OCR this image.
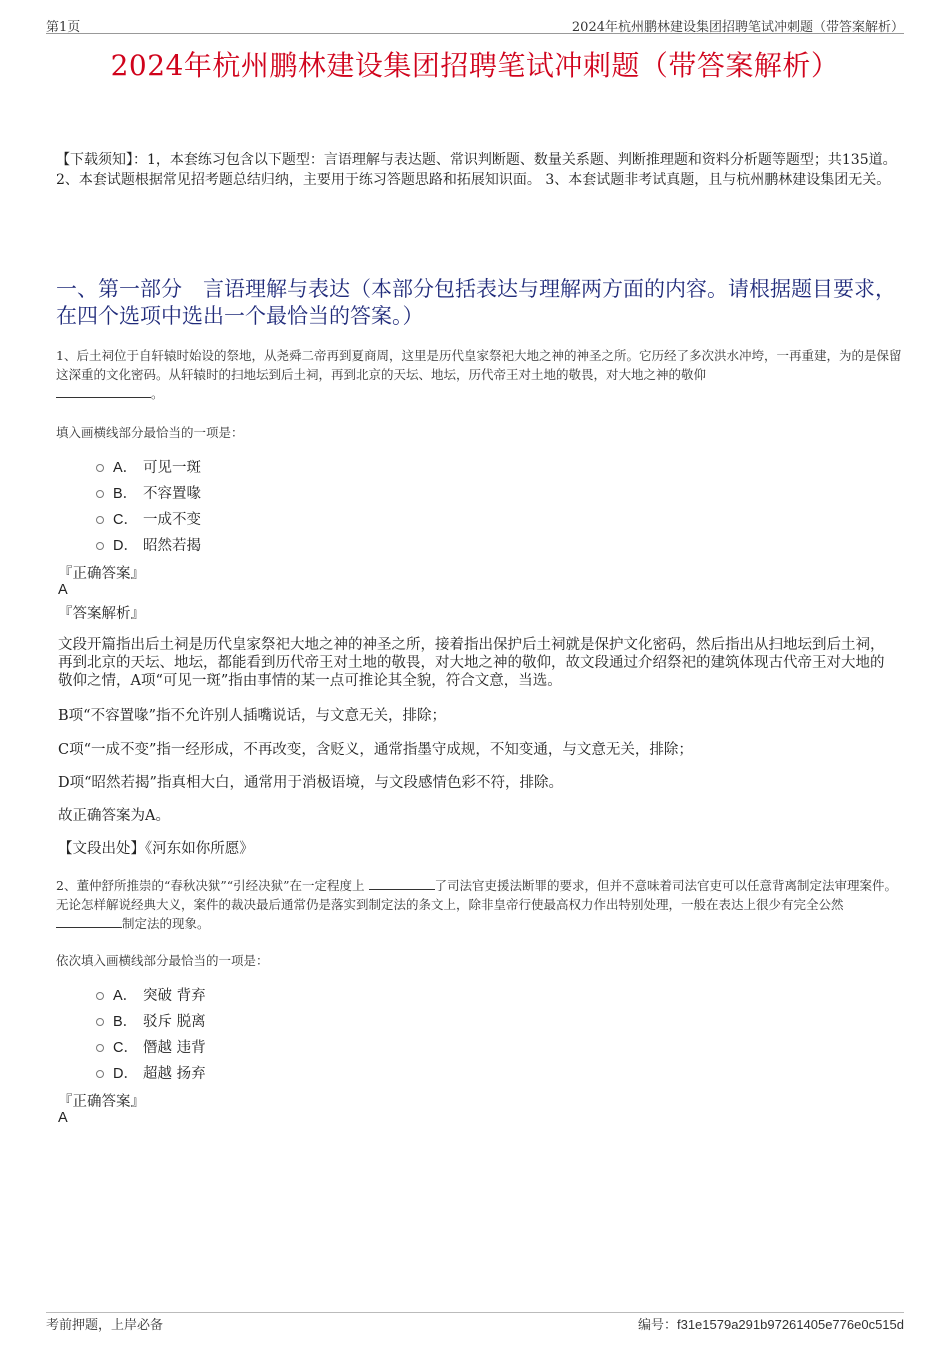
第1页	2024年杭州鹏林建设集团招聘笔试冲刺题（带答案解析）
2024年杭州鹏林建设集团招聘笔试冲刺题（带答案解析）
【下载须知】：1，本套练习包含以下题型：言语理解与表达题、常识判断题、数量关系题、判断推理题和资料分析题等题型；共135道。 2、本套试题根据常见招考题总结归纳，主要用于练习答题思路和拓展知识面。 3、本套试题非考试真题，且与杭州鹏林建设集团无关。
一、第一部分　言语理解与表达（本部分包括表达与理解两方面的内容。请根据题目要求，在四个选项中选出一个最恰当的答案。）
1、后土祠位于自轩辕时始设的祭地，从尧舜二帝再到夏商周，这里是历代皇家祭祀大地之神的神圣之所。它历经了多次洪水冲垮，一再重建，为的是保留这深重的文化密码。从轩辕时的扫地坛到后土祠，再到北京的天坛、地坛，历代帝王对土地的敬畏，对大地之神的敬仰
。
填入画横线部分最恰当的一项是：
A． 可见一斑
B． 不容置喙
C． 一成不变
D． 昭然若揭
『正确答案』
A
『答案解析』
文段开篇指出后土祠是历代皇家祭祀大地之神的神圣之所，接着指出保护后土祠就是保护文化密码，然后指出从扫地坛到后土祠，再到北京的天坛、地坛，都能看到历代帝王对土地的敬畏，对大地之神的敬仰，故文段通过介绍祭祀的建筑体现古代帝王对大地的敬仰之情，A项“可见一斑”指由事情的某一点可推论其全貌，符合文意，当选。
B项“不容置喙”指不允许别人插嘴说话，与文意无关，排除；
C项“一成不变”指一经形成，不再改变，含贬义，通常指墨守成规，不知变通，与文意无关，排除；
D项“昭然若揭”指真相大白，通常用于消极语境，与文段感情色彩不符，排除。
故正确答案为A。
【文段出处】《河东如你所愿》
2、董仲舒所推崇的“春秋决狱”“引经决狱”在一定程度上	了司法官吏援法断罪的要求，但并不意味着司法官吏可以任意背离制定法审理案件。无论怎样解说经典大义，案件的裁决最后通常仍是落实到制定法的条文上，除非皇帝行使最高权力作出特别处理，一般在表达上很少有完全公然制定法的现象。
依次填入画横线部分最恰当的一项是：
A． 突破 背弃
B． 驳斥 脱离
C． 僭越 违背
D． 超越 扬弃
『正确答案』
A
考前押题，上岸必备	编号：f31e1579a291b97261405e776e0c515d
